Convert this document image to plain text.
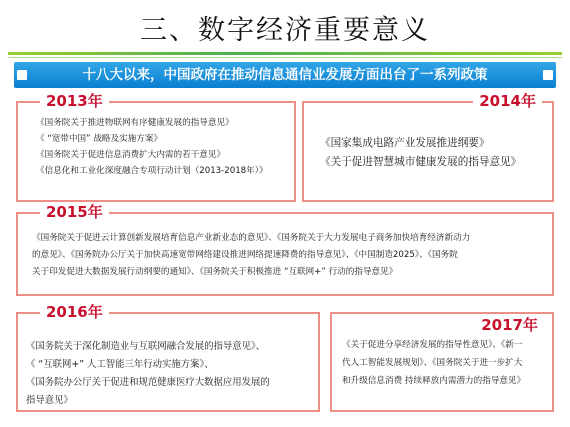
三、数字经济重要意义
十八大以来，中国政府在推动信息通信业发展方面出台了一系列政策
2013年
《国务院关于推进物联网有序健康发展的指导意见》
《 “宽带中国” 战略及实施方案》
《国务院关于促进信息消费扩大内需的若干意见》
《信息化和工业化深度融合专项行动计划（2013-2018年）》
2014年
《国家集成电路产业发展推进纲要》
《关于促进智慧城市健康发展的指导意见》
2015年
《国务院关于促进云计算创新发展培育信息产业新业态的意见》、《国务院关于大力发展电子商务加快培育经济新动力
的意见》、《国务院办公厅关于加快高速宽带网络建设推进网络提速降费的指导意见》、《中国制造2025》、《国务院
关于印发促进大数据发展行动纲要的通知》、《国务院关于积极推进 “互联网+” 行动的指导意见》
2016年
《国务院关于深化制造业与互联网融合发展的指导意见》、
《 “互联网+” 人工智能三年行动实施方案》、
《国务院办公厅关于促进和规范健康医疗大数据应用发展的
指导意见》
2017年
《关于促进分享经济发展的指导性意见》、《新一
代人工智能发展规划》、《国务院关于进一步扩大
和升级信息消费 持续释放内需潜力的指导意见》
